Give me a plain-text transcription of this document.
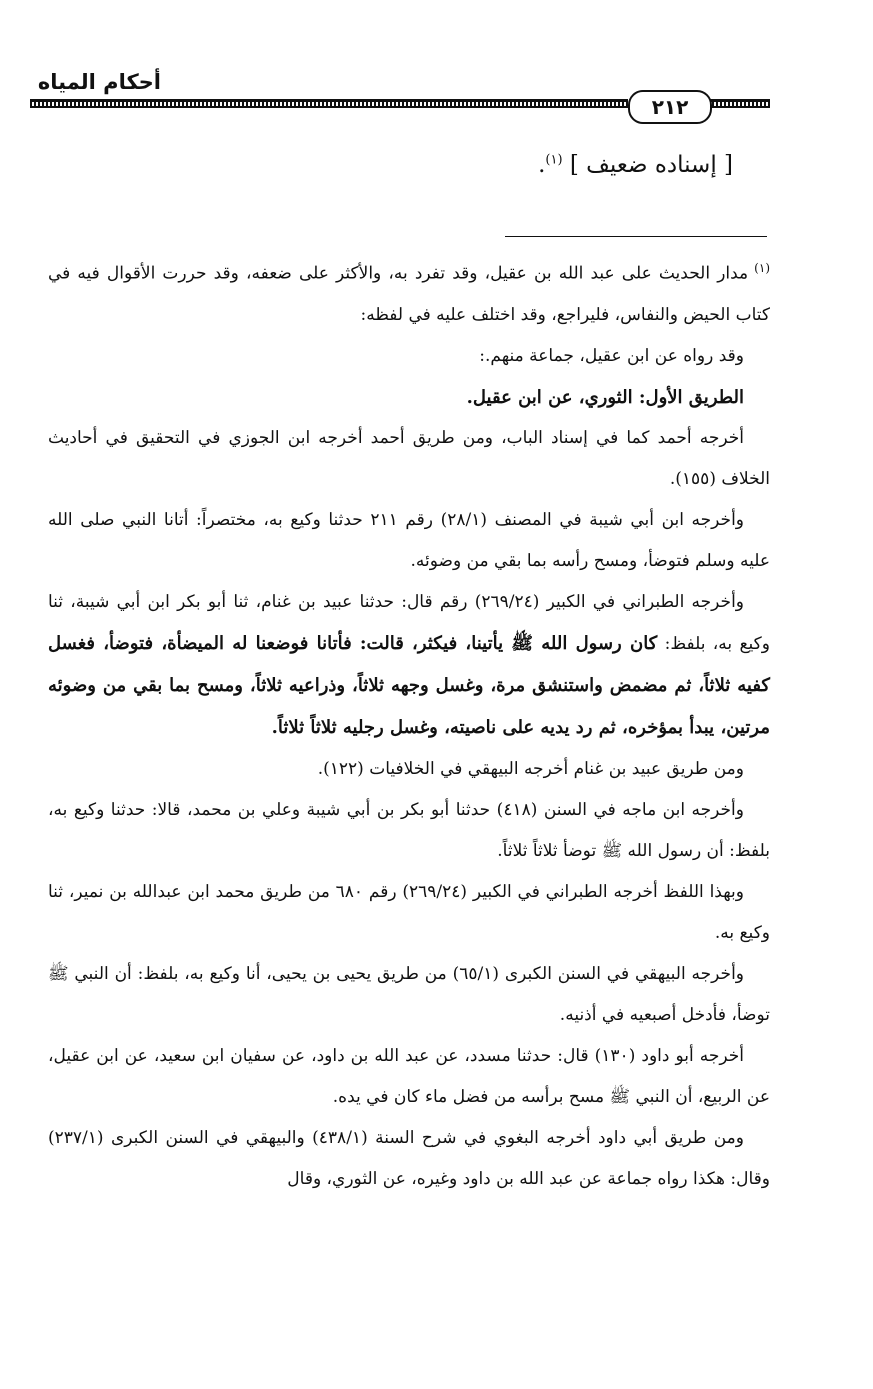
أحكام المياه
٢١٢
[ إسناده ضعيف ] $^{(١)}$.

$^{(١)}$مدار الحديث على عبد الله بن عقيل، وقد تفرد به، والأكثر على ضعفه، وقد حررت الأقوال فيه في كتاب الحيض والنفاس، فليراجع، وقد اختلف عليه في لفظه:

وقد رواه عن ابن عقيل، جماعة منهم.:

الطريق الأول: الثوري، عن ابن عقيل.

أخرجه أحمد كما في إسناد الباب، ومن طريق أحمد أخرجه ابن الجوزي في التحقيق في أحاديث الخلاف (١٥٥).

وأخرجه ابن أبي شيبة في المصنف (٢٨/١) رقم ٢١١ حدثنا وكيع به، مختصراً: أتانا النبي صلى الله عليه وسلم فتوضأ، ومسح رأسه بما بقي من وضوئه.

وأخرجه الطبراني في الكبير (٢٦٩/٢٤) رقم قال: حدثنا عبيد بن غنام، ثنا أبو بكر ابن أبي شيبة، ثنا وكيع به، بلفظ: كان رسول الله ﷺ يأتينا، فيكثر، قالت: فأتانا فوضعنا له الميضأة، فتوضأ، فغسل كفيه ثلاثاً، ثم مضمض واستنشق مرة، وغسل وجهه ثلاثاً، وذراعيه ثلاثاً، ومسح بما بقي من وضوئه مرتين، يبدأ بمؤخره، ثم رد يديه على ناصيته، وغسل رجليه ثلاثاً ثلاثاً.

ومن طريق عبيد بن غنام أخرجه البيهقي في الخلافيات (١٢٢).

وأخرجه ابن ماجه في السنن (٤١٨) حدثنا أبو بكر بن أبي شيبة وعلي بن محمد، قالا: حدثنا وكيع به، بلفظ: أن رسول الله ﷺ توضأ ثلاثاً ثلاثاً.

وبهذا اللفظ أخرجه الطبراني في الكبير (٢٦٩/٢٤) رقم ٦٨٠ من طريق محمد ابن عبدالله بن نمير، ثنا وكيع به.

وأخرجه البيهقي في السنن الكبرى (٦٥/١) من طريق يحيى بن يحيى، أنا وكيع به، بلفظ: أن النبي ﷺ توضأ، فأدخل أصبعيه في أذنيه.

أخرجه أبو داود (١٣٠) قال: حدثنا مسدد، عن عبد الله بن داود، عن سفيان ابن سعيد، عن ابن عقيل، عن الربيع، أن النبي ﷺ مسح برأسه من فضل ماء كان في يده.

ومن طريق أبي داود أخرجه البغوي في شرح السنة (٤٣٨/١) والبيهقي في السنن الكبرى (٢٣٧/١) وقال: هكذا رواه جماعة عن عبد الله بن داود وغيره، عن الثوري، وقال
